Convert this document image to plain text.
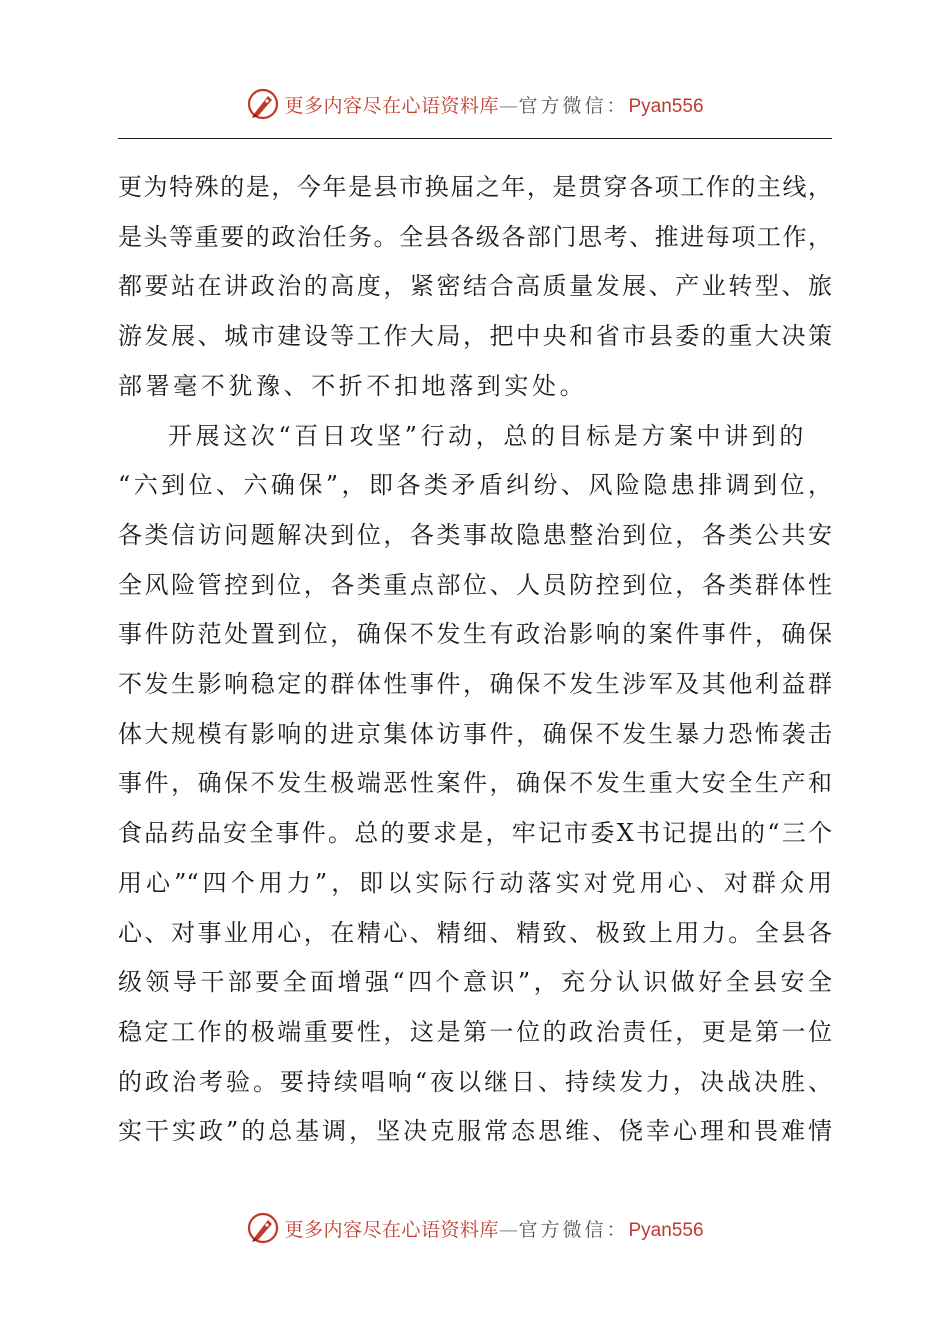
更多内容尽在心语资料库—官方微信：Pyan556
更为特殊的是，今年是县市换届之年，是贯穿各项工作的主线，
是头等重要的政治任务。全县各级各部门思考、推进每项工作，
都要站在讲政治的高度，紧密结合高质量发展、产业转型、旅
游发展、城市建设等工作大局，把中央和省市县委的重大决策
部署毫不犹豫、不折不扣地落到实处。
开展这次“百日攻坚”行动，总的目标是方案中讲到的
“六到位、六确保”，即各类矛盾纠纷、风险隐患排调到位，
各类信访问题解决到位，各类事故隐患整治到位，各类公共安
全风险管控到位，各类重点部位、人员防控到位，各类群体性
事件防范处置到位，确保不发生有政治影响的案件事件，确保
不发生影响稳定的群体性事件，确保不发生涉军及其他利益群
体大规模有影响的进京集体访事件，确保不发生暴力恐怖袭击
事件，确保不发生极端恶性案件，确保不发生重大安全生产和
食品药品安全事件。总的要求是，牢记市委X书记提出的“三个
用心”“四个用力”，即以实际行动落实对党用心、对群众用
心、对事业用心，在精心、精细、精致、极致上用力。全县各
级领导干部要全面增强“四个意识”，充分认识做好全县安全
稳定工作的极端重要性，这是第一位的政治责任，更是第一位
的政治考验。要持续唱响“夜以继日、持续发力，决战决胜、
实干实政”的总基调，坚决克服常态思维、侥幸心理和畏难情
更多内容尽在心语资料库—官方微信：Pyan556
